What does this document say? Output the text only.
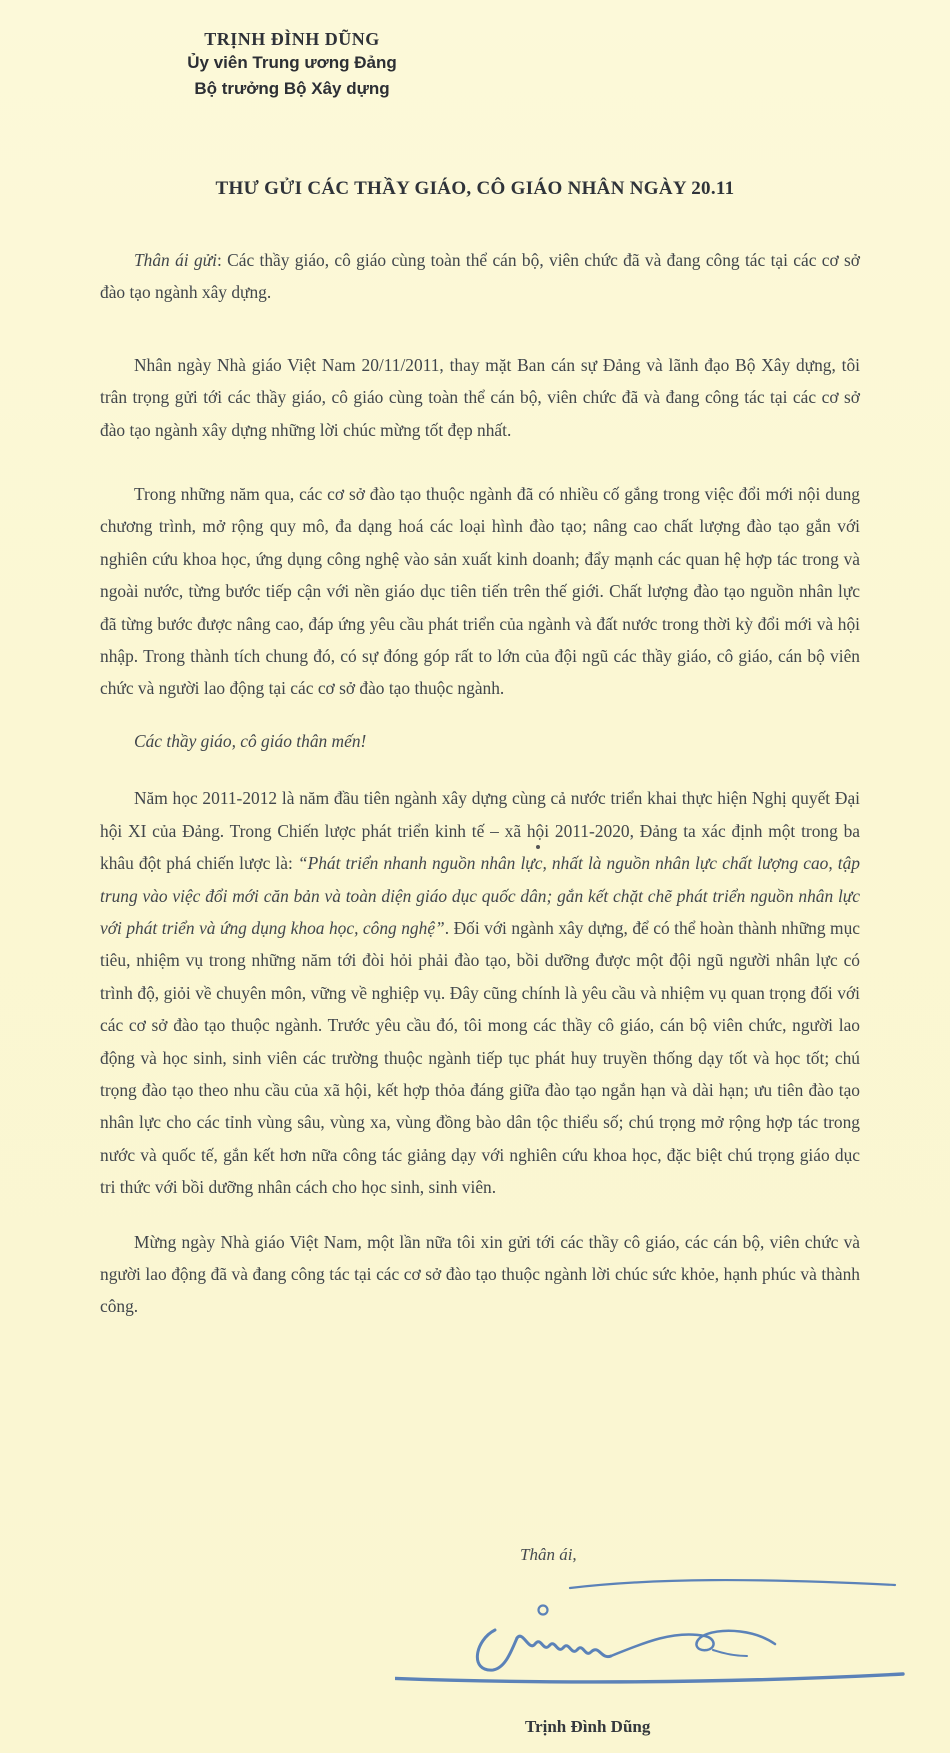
TRỊNH ĐÌNH DŨNG
Ủy viên Trung ương Đảng
Bộ trưởng Bộ Xây dựng
THƯ GỬI CÁC THẦY GIÁO, CÔ GIÁO NHÂN NGÀY 20.11

Thân ái gửi: Các thầy giáo, cô giáo cùng toàn thể cán bộ, viên chức đã và đang công tác tại các cơ sở đào tạo ngành xây dựng.

Nhân ngày Nhà giáo Việt Nam 20/11/2011, thay mặt Ban cán sự Đảng và lãnh đạo Bộ Xây dựng, tôi trân trọng gửi tới các thầy giáo, cô giáo cùng toàn thể cán bộ, viên chức đã và đang công tác tại các cơ sở đào tạo ngành xây dựng những lời chúc mừng tốt đẹp nhất.

Trong những năm qua, các cơ sở đào tạo thuộc ngành đã có nhiều cố gắng trong việc đổi mới nội dung chương trình, mở rộng quy mô, đa dạng hoá các loại hình đào tạo; nâng cao chất lượng đào tạo gắn với nghiên cứu khoa học, ứng dụng công nghệ vào sản xuất kinh doanh; đẩy mạnh các quan hệ hợp tác trong và ngoài nước, từng bước tiếp cận với nền giáo dục tiên tiến trên thế giới. Chất lượng đào tạo nguồn nhân lực đã từng bước được nâng cao, đáp ứng yêu cầu phát triển của ngành và đất nước trong thời kỳ đổi mới và hội nhập. Trong thành tích chung đó, có sự đóng góp rất to lớn của đội ngũ các thầy giáo, cô giáo, cán bộ viên chức và người lao động tại các cơ sở đào tạo thuộc ngành.

Các thầy giáo, cô giáo thân mến!

Năm học 2011-2012 là năm đầu tiên ngành xây dựng cùng cả nước triển khai thực hiện Nghị quyết Đại hội XI của Đảng. Trong Chiến lược phát triển kinh tế – xã hội 2011-2020, Đảng ta xác định một trong ba khâu đột phá chiến lược là: “Phát triển nhanh nguồn nhân lực, nhất là nguồn nhân lực chất lượng cao, tập trung vào việc đổi mới căn bản và toàn diện giáo dục quốc dân; gắn kết chặt chẽ phát triển nguồn nhân lực với phát triển và ứng dụng khoa học, công nghệ”. Đối với ngành xây dựng, để có thể hoàn thành những mục tiêu, nhiệm vụ trong những năm tới đòi hỏi phải đào tạo, bồi dưỡng được một đội ngũ người nhân lực có trình độ, giỏi về chuyên môn, vững về nghiệp vụ. Đây cũng chính là yêu cầu và nhiệm vụ quan trọng đối với các cơ sở đào tạo thuộc ngành. Trước yêu cầu đó, tôi mong các thầy cô giáo, cán bộ viên chức, người lao động và học sinh, sinh viên các trường thuộc ngành tiếp tục phát huy truyền thống dạy tốt và học tốt; chú trọng đào tạo theo nhu cầu của xã hội, kết hợp thỏa đáng giữa đào tạo ngắn hạn và dài hạn; ưu tiên đào tạo nhân lực cho các tỉnh vùng sâu, vùng xa, vùng đồng bào dân tộc thiểu số; chú trọng mở rộng hợp tác trong nước và quốc tế, gắn kết hơn nữa công tác giảng dạy với nghiên cứu khoa học, đặc biệt chú trọng giáo dục tri thức với bồi dưỡng nhân cách cho học sinh, sinh viên.

Mừng ngày Nhà giáo Việt Nam, một lần nữa tôi xin gửi tới các thầy cô giáo, các cán bộ, viên chức và người lao động đã và đang công tác tại các cơ sở đào tạo thuộc ngành lời chúc sức khỏe, hạnh phúc và thành công.

Thân ái,
Trịnh Đình Dũng
